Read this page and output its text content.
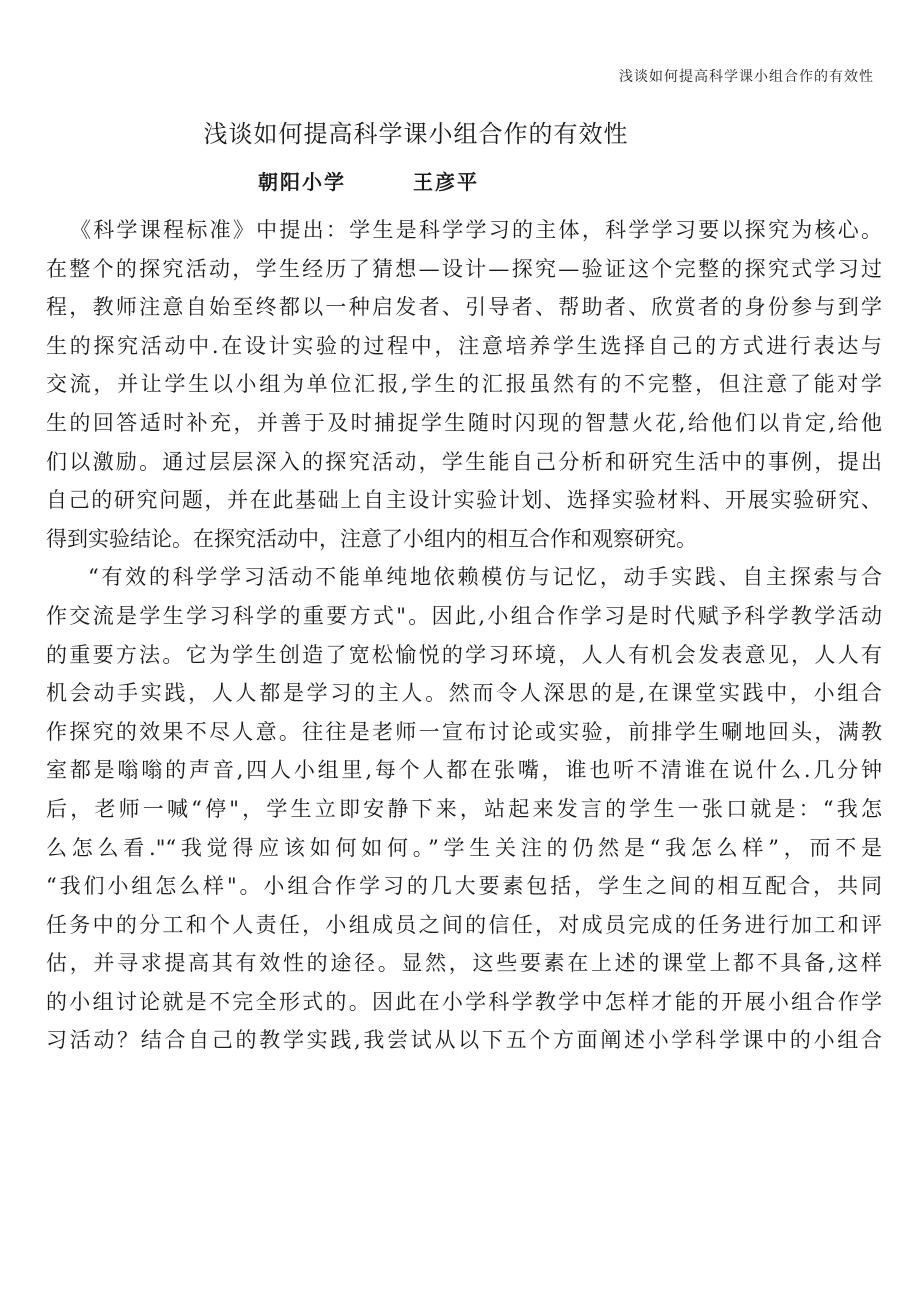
浅谈如何提高科学课小组合作的有效性
浅谈如何提高科学课小组合作的有效性
朝阳小学	王彦平
《科学课程标准》中提出：学生是科学学习的主体，科学学习要以探究为核心。
在整个的探究活动，学生经历了猜想—设计—探究—验证这个完整的探究式学习过
程，教师注意自始至终都以一种启发者、引导者、帮助者、欣赏者的身份参与到学
生的探究活动中.在设计实验的过程中，注意培养学生选择自己的方式进行表达与
交流，并让学生以小组为单位汇报,学生的汇报虽然有的不完整，但注意了能对学
生的回答适时补充，并善于及时捕捉学生随时闪现的智慧火花,给他们以肯定,给他
们以激励。通过层层深入的探究活动，学生能自己分析和研究生活中的事例，提出
自己的研究问题，并在此基础上自主设计实验计划、选择实验材料、开展实验研究、
得到实验结论。在探究活动中，注意了小组内的相互合作和观察研究。
“有效的科学学习活动不能单纯地依赖模仿与记忆，动手实践、自主探索与合
作交流是学生学习科学的重要方式"。因此,小组合作学习是时代赋予科学教学活动
的重要方法。它为学生创造了宽松愉悦的学习环境，人人有机会发表意见，人人有
机会动手实践，人人都是学习的主人。然而令人深思的是,在课堂实践中，小组合
作探究的效果不尽人意。往往是老师一宣布讨论或实验，前排学生唰地回头，满教
室都是嗡嗡的声音,四人小组里,每个人都在张嘴，谁也听不清谁在说什么.几分钟
后，老师一喊“停"，学生立即安静下来，站起来发言的学生一张口就是：“我怎
么怎么看."“我觉得应该如何如何。”学生关注的仍然是“我怎么样”，而不是
“我们小组怎么样"。小组合作学习的几大要素包括，学生之间的相互配合，共同
任务中的分工和个人责任，小组成员之间的信任，对成员完成的任务进行加工和评
估，并寻求提高其有效性的途径。显然，这些要素在上述的课堂上都不具备,这样
的小组讨论就是不完全形式的。因此在小学科学教学中怎样才能的开展小组合作学
习活动？结合自己的教学实践,我尝试从以下五个方面阐述小学科学课中的小组合
